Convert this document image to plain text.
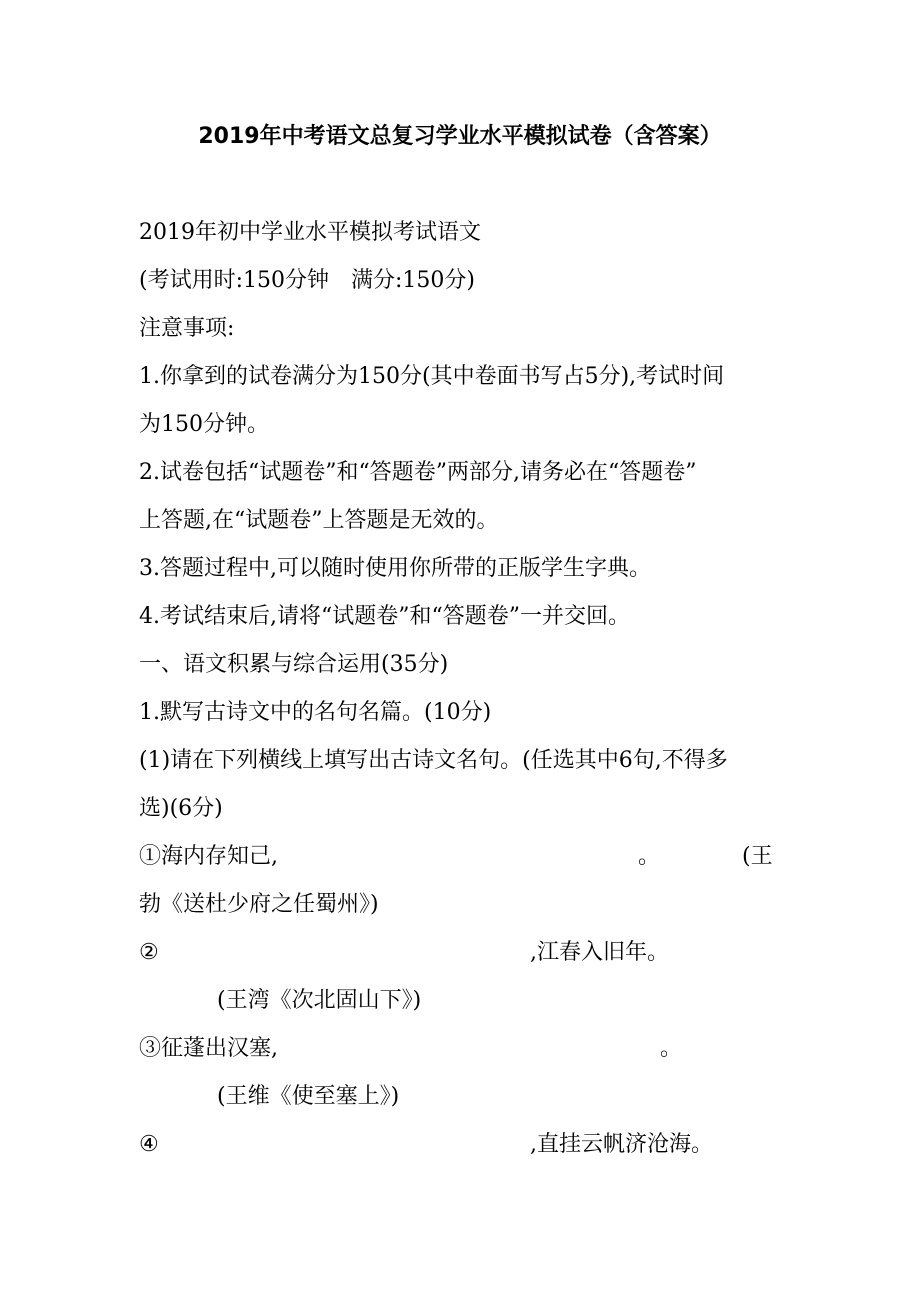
2019年中考语文总复习学业水平模拟试卷（含答案）
2019年初中学业水平模拟考试语文
(考试用时:150分钟　满分:150分)
注意事项:
1.你拿到的试卷满分为150分(其中卷面书写占5分),考试时间
为150分钟。
2.试卷包括“试题卷”和“答题卷”两部分,请务必在“答题卷”
上答题,在“试题卷”上答题是无效的。
3.答题过程中,可以随时使用你所带的正版学生字典。
4.考试结束后,请将“试题卷”和“答题卷”一并交回。
一、语文积累与综合运用(35分)
1.默写古诗文中的名句名篇。(10分)
(1)请在下列横线上填写出古诗文名句。(任选其中6句,不得多
选)(6分)
①海内存知己,	。	(王
勃《送杜少府之任蜀州》)
②	,江春入旧年。
(王湾《次北固山下》)
③征蓬出汉塞,	。
(王维《使至塞上》)
④	,直挂云帆济沧海。
